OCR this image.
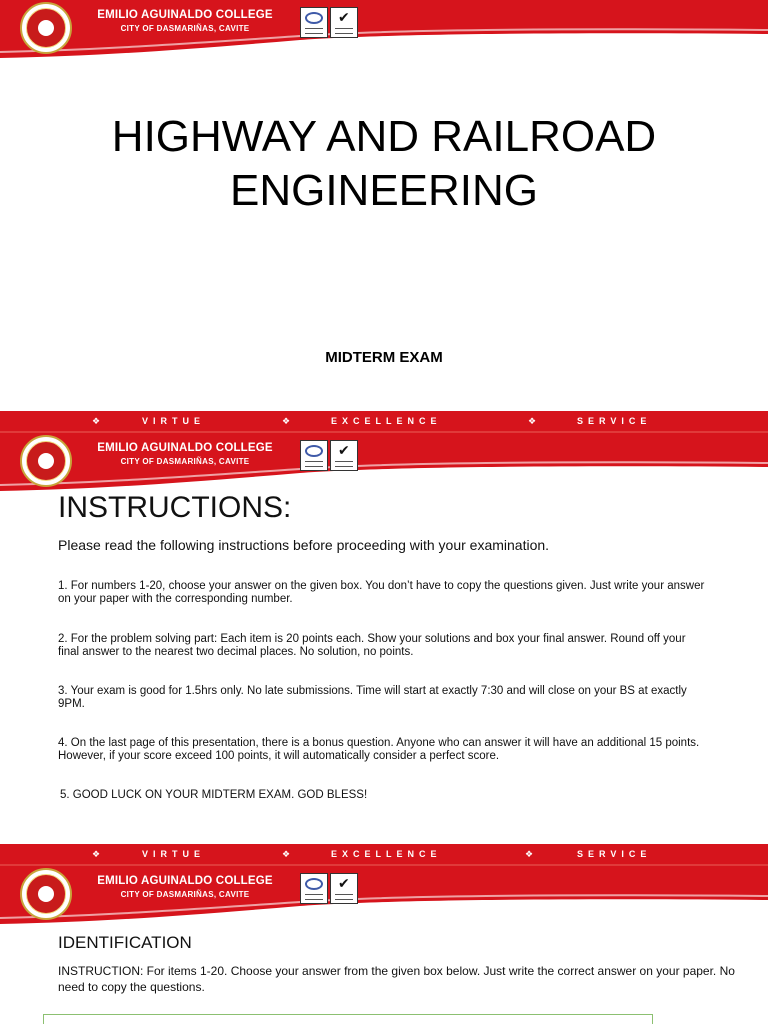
EMILIO AGUINALDO COLLEGE
CITY OF DASMARIÑAS, CAVITE
✔
HIGHWAY AND RAILROAD
ENGINEERING
MIDTERM EXAM
❖	VIRTUE	❖	EXCELLENCE	❖	SERVICE
EMILIO AGUINALDO COLLEGE
CITY OF DASMARIÑAS, CAVITE
✔
INSTRUCTIONS:
Please read the following instructions before proceeding with your examination.
1. For numbers 1-20, choose your answer on the given box. You don’t have to copy the questions given. Just write your answer on your paper with the corresponding number.
2. For the problem solving part: Each item is 20 points each. Show your solutions and box your final answer. Round off your final answer to the nearest two decimal places. No solution, no points.
3. Your exam is good for 1.5hrs only. No late submissions. Time will start at exactly 7:30 and will close on your BS at exactly 9PM.
4. On the last page of this presentation, there is a bonus question. Anyone who can answer it will have an additional 15 points. However, if your score exceed 100 points, it will automatically consider a perfect score.
5. GOOD LUCK ON YOUR MIDTERM EXAM. GOD BLESS!
❖	VIRTUE	❖	EXCELLENCE	❖	SERVICE
EMILIO AGUINALDO COLLEGE
CITY OF DASMARIÑAS, CAVITE
✔
IDENTIFICATION
INSTRUCTION: For items 1-20. Choose your answer from the given box below. Just write the correct answer on your paper. No need to copy the questions.
